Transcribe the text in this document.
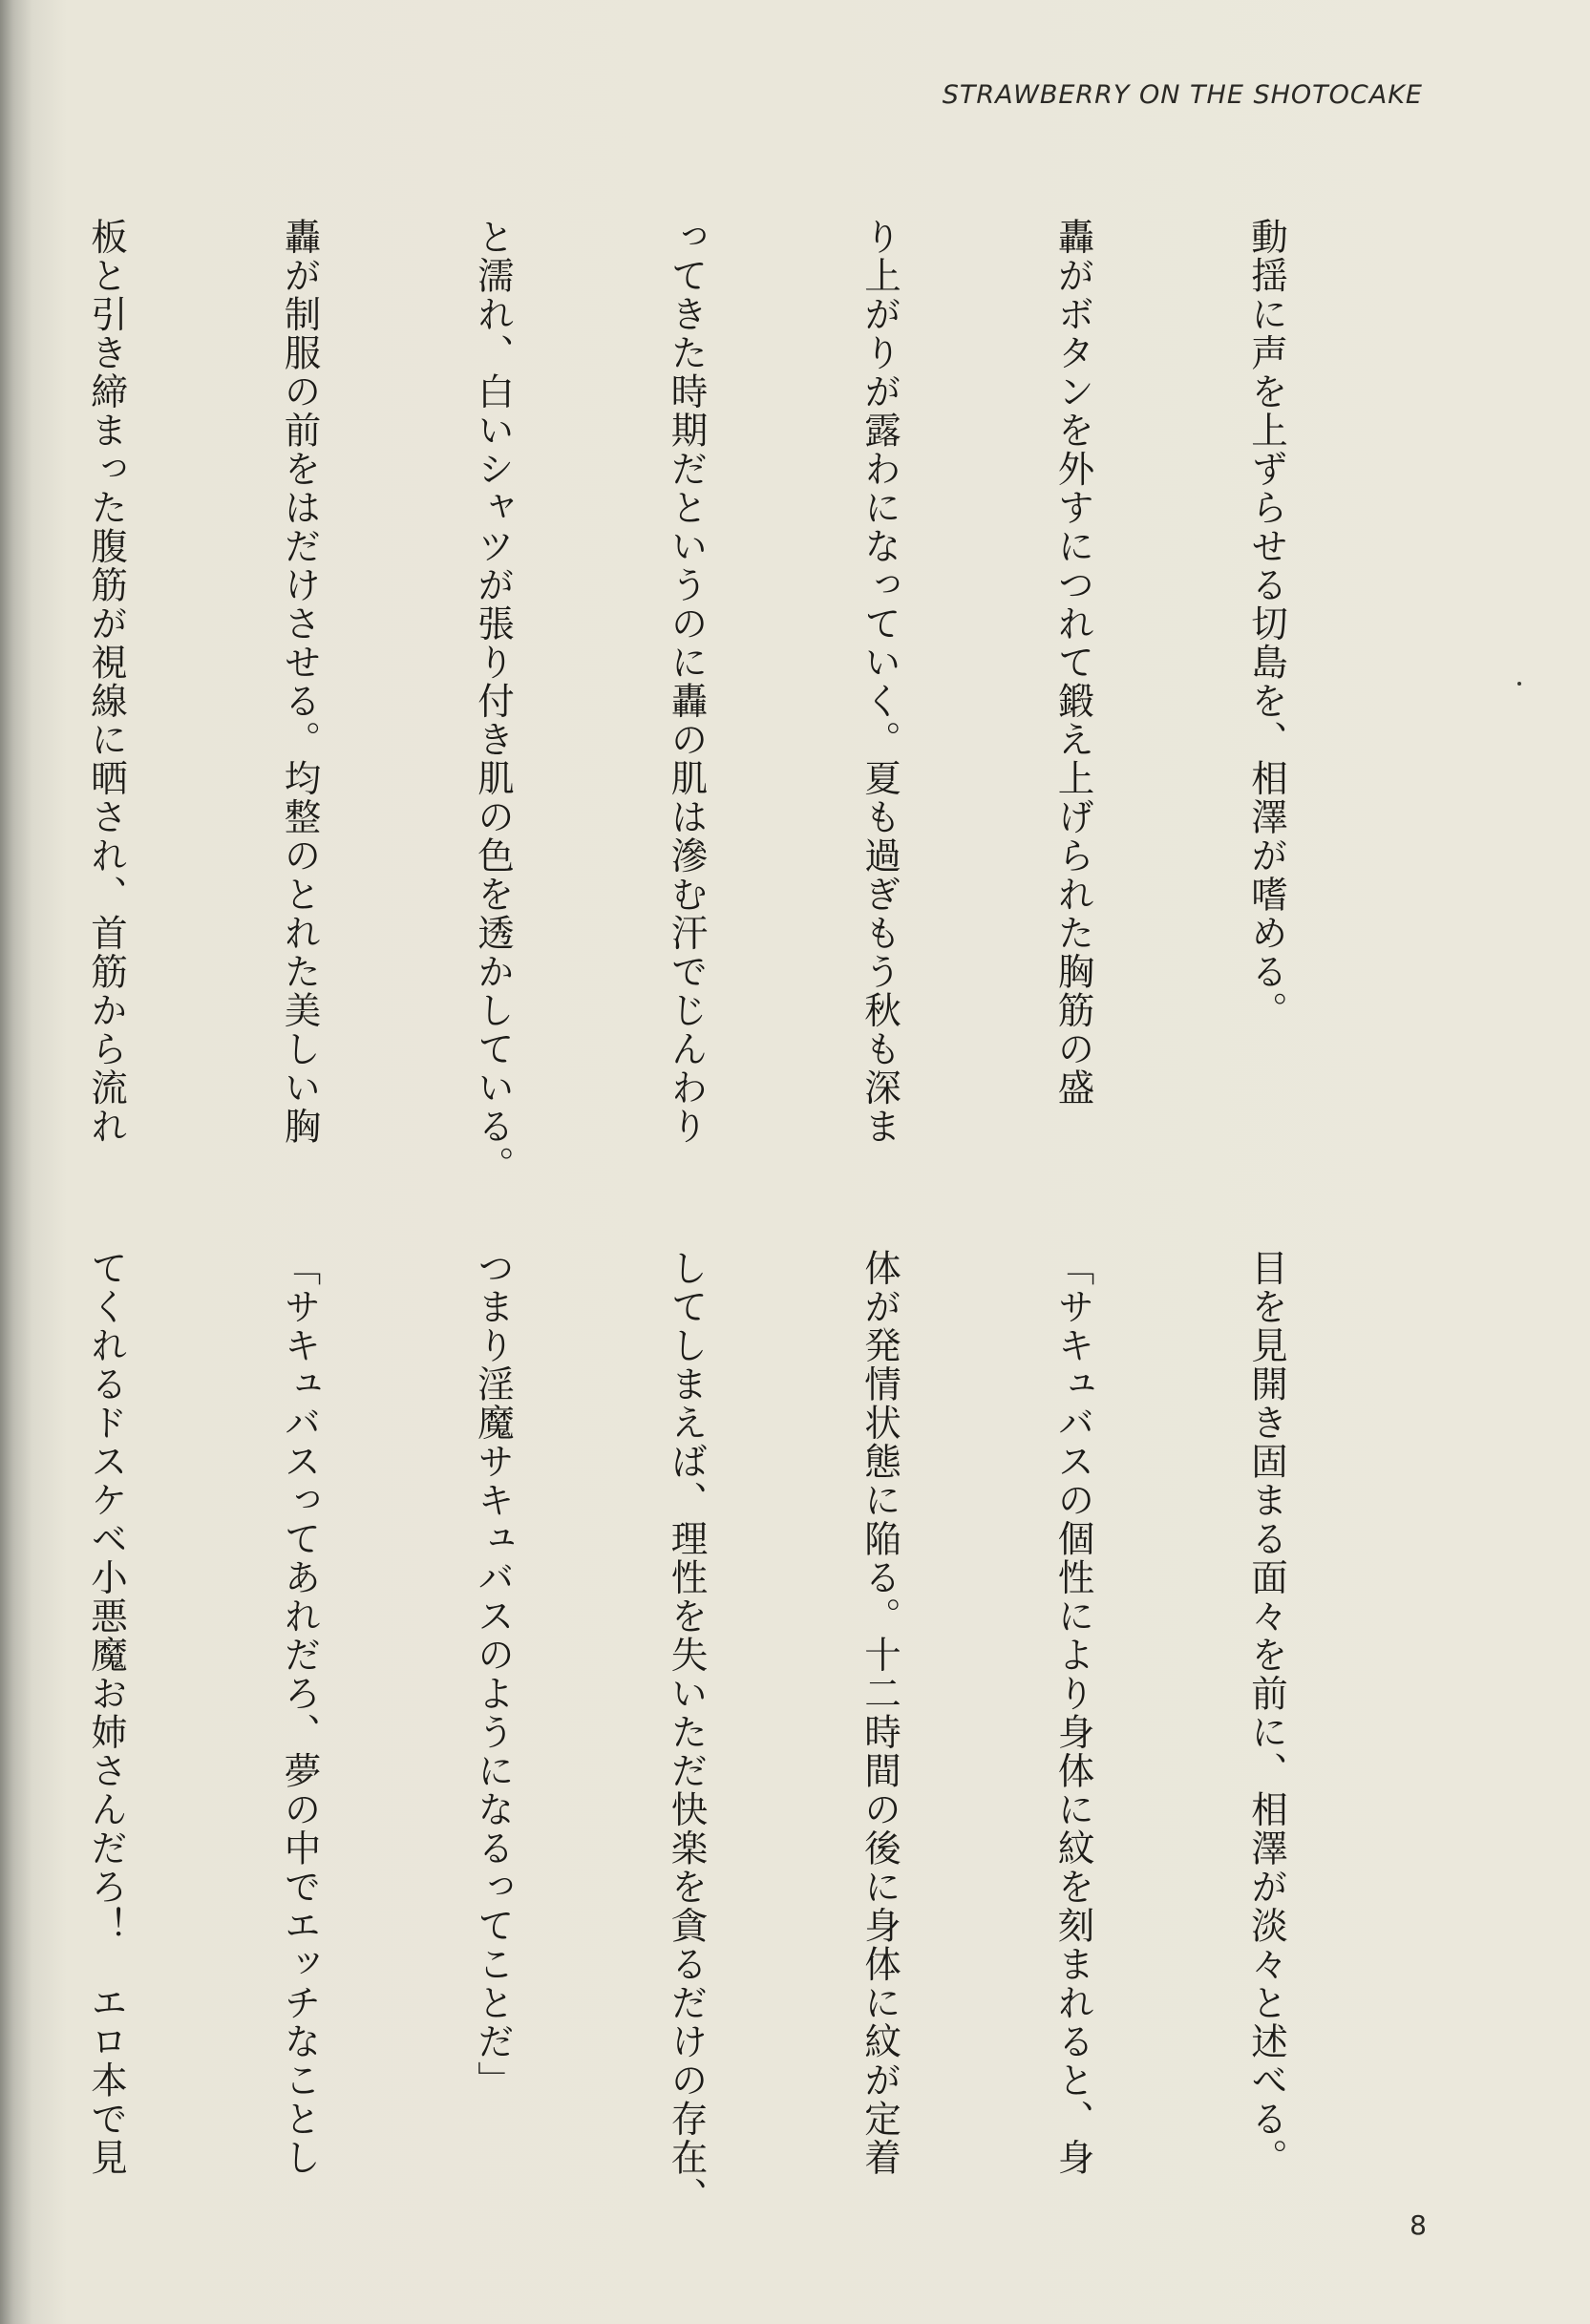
STRAWBERRY ON THE SHOTOCAKE

動揺に声を上ずらせる切島を、相澤が嗜める。

轟がボタンを外すにつれて鍛え上げられた胸筋の盛

り上がりが露わになっていく。夏も過ぎもう秋も深ま

ってきた時期だというのに轟の肌は滲む汗でじんわり

と濡れ、白いシャツが張り付き肌の色を透かしている。

轟が制服の前をはだけさせる。均整のとれた美しい胸

板と引き締まった腹筋が視線に晒され、首筋から流れ

目を見開き固まる面々を前に、相澤が淡々と述べる。

「サキュバスの個性により身体に紋を刻まれると、身

体が発情状態に陥る。十二時間の後に身体に紋が定着

してしまえば、理性を失いただ快楽を貪るだけの存在、

つまり淫魔サキュバスのようになるってことだ」

「サキュバスってあれだろ、夢の中でエッチなことし

てくれるドスケベ小悪魔お姉さんだろ！　エロ本で見

8
